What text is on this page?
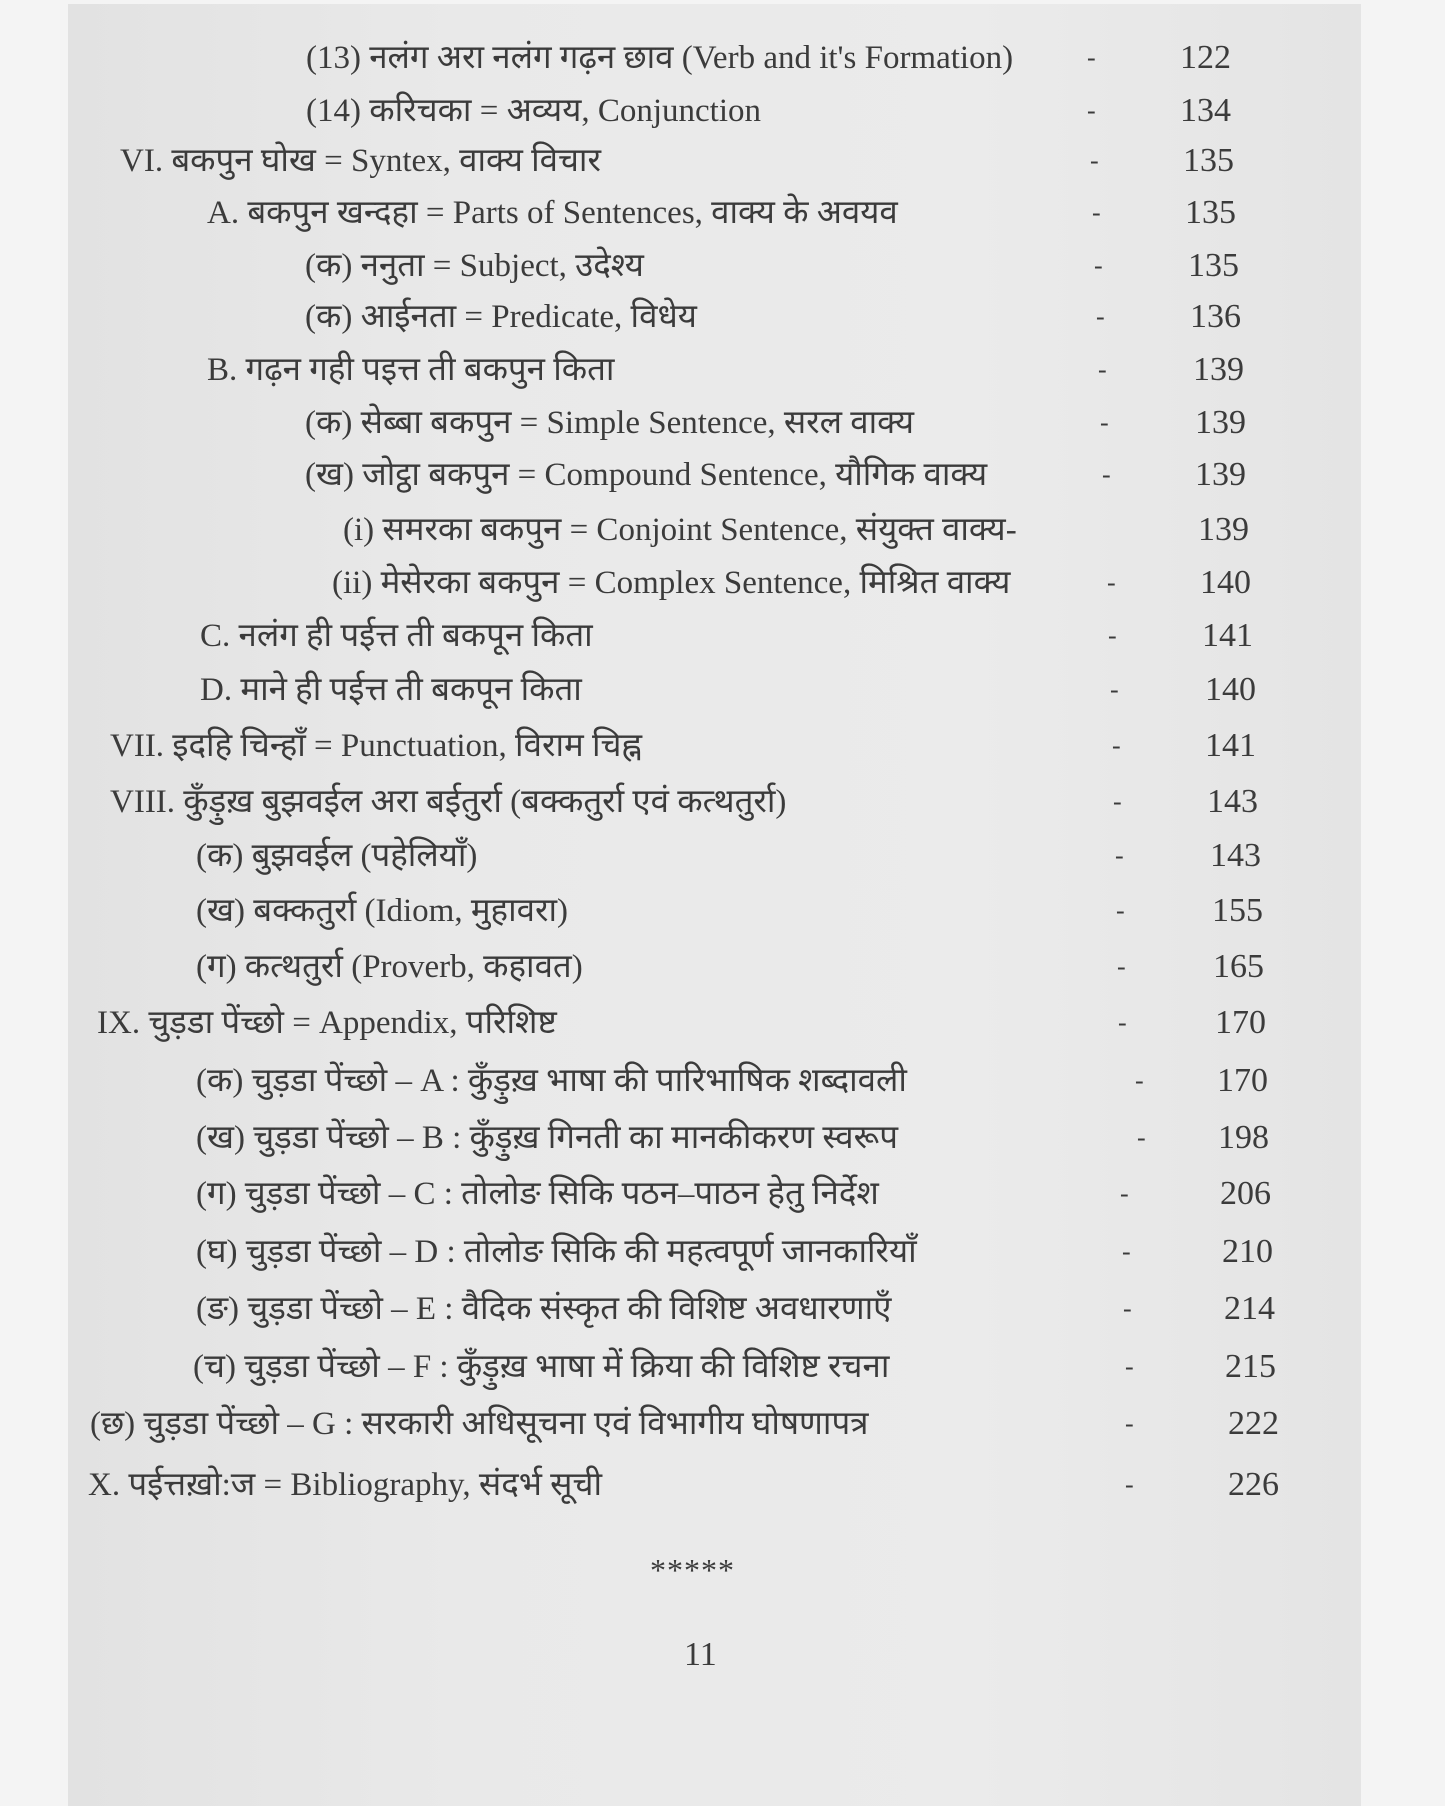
(13) नलंग अरा नलंग गढ़न छाव (Verb and it's Formation)	- 122
(14) करिचका = अव्यय, Conjunction	- 134
VI. बकपुन घोख = Syntex, वाक्य विचार	- 135
A. बकपुन खन्दहा = Parts of Sentences, वाक्य के अवयव	- 135
(क) ननुता = Subject, उदेश्य	-	135
(क) आईनता = Predicate, विधेय	-	136
B. गढ़न गही पइत्त ती बकपुन किता	-	139
(क) सेब्बा बकपुन = Simple Sentence, सरल वाक्य	-	139
(ख) जोट्ठा बकपुन = Compound Sentence, यौगिक वाक्य	- 139
(i) समरका बकपुन = Conjoint Sentence, संयुक्त वाक्य-	139
(ii) मेसेरका बकपुन = Complex Sentence, मिश्रित वाक्य	- 140
C. नलंग ही पईत्त ती बकपून किता	-	141
D. माने ही पईत्त ती बकपून किता	-	140
VII. इदहि चिन्हाँ = Punctuation, विराम चिह्न	- 141
VIII. कुँड़ुख़ बुझवईल अरा बईतुर्रा (बक्कतुर्रा एवं कत्थतुर्रा)	-	143
(क) बुझवईल (पहेलियाँ)	-	143
(ख) बक्कतुर्रा (Idiom, मुहावरा)	-	155
(ग) कत्थतुर्रा (Proverb, कहावत)	-	165
IX. चुड़डा पेंच्छो = Appendix, परिशिष्ट	-	170
(क) चुड़डा पेंच्छो – A : कुँड़ुख़ भाषा की पारिभाषिक शब्दावली	- 170
(ख) चुड़डा पेंच्छो – B : कुँड़ुख़ गिनती का मानकीकरण स्वरूप	- 198
(ग) चुड़डा पेंच्छो – C : तोलोङ सिकि पठन–पाठन हेतु निर्देश	-	206
(घ) चुड़डा पेंच्छो – D : तोलोङ सिकि की महत्वपूर्ण जानकारियाँ	-	210
(ङ) चुड़डा पेंच्छो – E : वैदिक संस्कृत की विशिष्ट अवधारणाएँ	-	214
(च) चुड़डा पेंच्छो – F : कुँड़ुख़ भाषा में क्रिया की विशिष्ट रचना	-	215
(छ) चुड़डा पेंच्छो – G : सरकारी अधिसूचना एवं विभागीय घोषणापत्र	-	222
X. पईत्तख़ो:ज = Bibliography, संदर्भ सूची	-	226
*****
11
